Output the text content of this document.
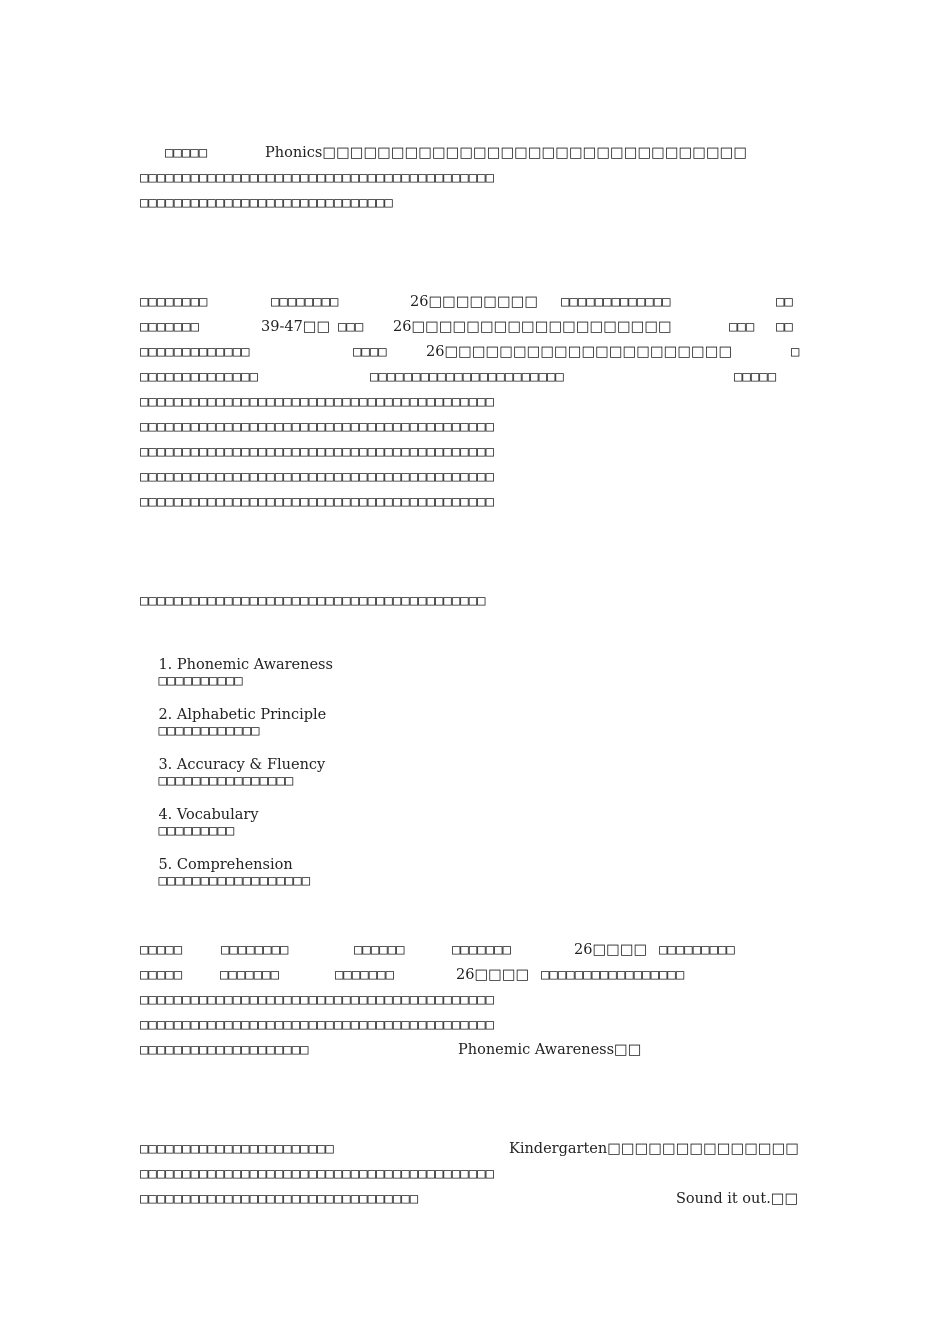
□□□□□

	Phonics□□□□□□□□□□□□□□□□□□□□□□□□□□□□□□□

□□□□□□□□□□□□□□□□□□□□□□□□□□□□□□□□□□□□□□□□□□
□□□□□□□□□□□□□□□□□□□□□□□□□□□□□□

□□□□□□□□

	□□□□□□□□

	26□□□□□□□□

□□□□□□□□□□□□□

	□□

□□□□□□□

	39-47□□

□□□

26□□□□□□□□□□□□□□□□□□□

	□□□

□□

□□□□□□□□□□□□□

	□□□□

	26□□□□□□□□□□□□□□□□□□□□□

	□

□□□□□□□□□□□□□□

	□□□□□□□□□□□□□□□□□□□□□□□

	□□□□□

□□□□□□□□□□□□□□□□□□□□□□□□□□□□□□□□□□□□□□□□□□
□□□□□□□□□□□□□□□□□□□□□□□□□□□□□□□□□□□□□□□□□□
□□□□□□□□□□□□□□□□□□□□□□□□□□□□□□□□□□□□□□□□□□
□□□□□□□□□□□□□□□□□□□□□□□□□□□□□□□□□□□□□□□□□□
□□□□□□□□□□□□□□□□□□□□□□□□□□□□□□□□□□□□□□□□□□
□□□□□□□□□□□□□□□□□□□□□□□□□□□□□□□□□□□□□□□□□

1. Phonemic Awareness
□□□□□□□□□□

2. Alphabetic Principle
□□□□□□□□□□□□

3. Accuracy & Fluency
□□□□□□□□□□□□□□□□

4. Vocabulary
□□□□□□□□□

5. Comprehension
□□□□□□□□□□□□□□□□□□

□□□□□

	□□□□□□□□

	□□□□□□

	□□□□□□□

	26□□□□

□□□□□□□□□

□□□□□

	□□□□□□□

	□□□□□□□

	26□□□□

□□□□□□□□□□□□□□□□□

□□□□□□□□□□□□□□□□□□□□□□□□□□□□□□□□□□□□□□□□□□
□□□□□□□□□□□□□□□□□□□□□□□□□□□□□□□□□□□□□□□□□□

□□□□□□□□□□□□□□□□□□□□

	Phonemic Awareness□□

□□□□□□□□□□□□□□□□□□□□□□□

	Kindergarten□□□□□□□□□□□□□□

□□□□□□□□□□□□□□□□□□□□□□□□□□□□□□□□□□□□□□□□□□

□□□□□□□□□□□□□□□□□□□□□□□□□□□□□□□□□

	Sound it out.□□
